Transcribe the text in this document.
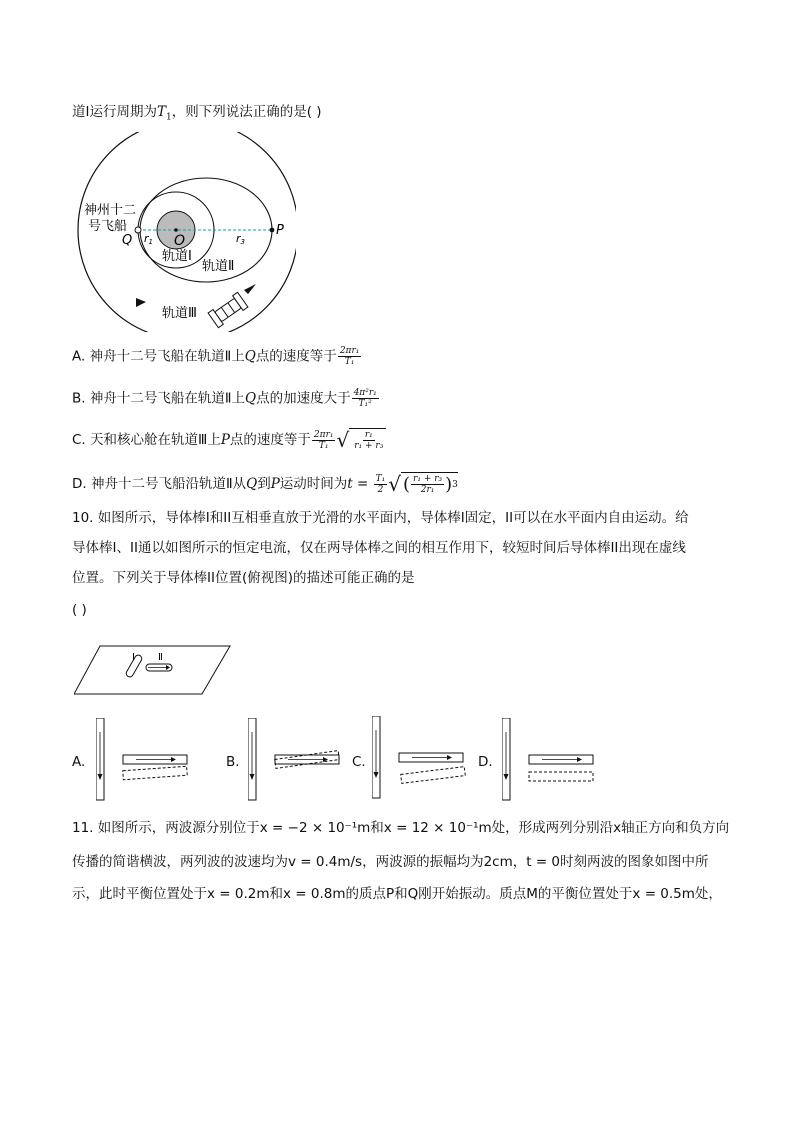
道Ⅰ运行周期为$T_1$，则下列说法正确的是( )
神州十二
号飞船
Q	O
P
r1	r3
轨道Ⅰ
轨道Ⅱ
轨道Ⅲ
A. 神舟十二号飞船在轨道Ⅱ上Q点的速度等于 $\frac{\text{2πr₁}}{\text{T₁}}$
B. 神舟十二号飞船在轨道Ⅱ上Q点的加速度大于 $\frac{\text{4π²r₁}}{\text{T₁²}}$
C. 天和核心舱在轨道Ⅲ上P点的速度等于 $\frac{\text{2πr₁}}{\text{T₁}}$ √ $\frac{\text{r₁}}{\text{r₁ + r₃}}$
D. 神舟十二号飞船沿轨道Ⅱ从Q到P运动时间为$t = \frac{\text{T₁}}{2}$ √ ( $\frac{\text{r₁ + r₃}}{\text{2r₁}}$ ) 3
10. 如图所示，导体棒I和II互相垂直放于光滑的水平面内，导体棒I固定，II可以在水平面内自由运动。给
导体棒I、II通以如图所示的恒定电流，仅在两导体棒之间的相互作用下，较短时间后导体棒II出现在虚线
位置。下列关于导体棒II位置(俯视图)的描述可能正确的是
( )
I Ⅱ
A.	B.	C.	D.
11. 如图所示，两波源分别位于x = −2 × 10⁻¹m和x = 12 × 10⁻¹m处，形成两列分别沿x轴正方向和负方向
传播的简谐横波，两列波的波速均为v = 0.4m/s，两波源的振幅均为2cm，t = 0时刻两波的图象如图中所
示，此时平衡位置处于x = 0.2m和x = 0.8m的质点P和Q刚开始振动。质点M的平衡位置处于x = 0.5m处，
